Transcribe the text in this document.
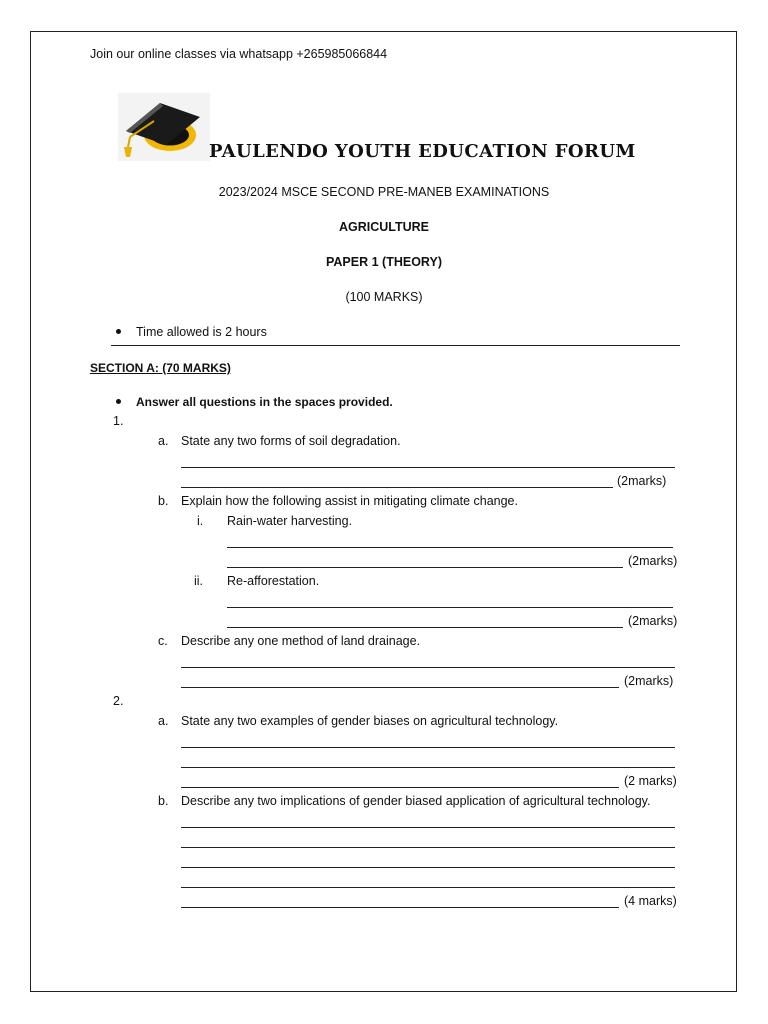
Join our online classes via whatsapp +265985066844
PAULENDO YOUTH EDUCATION FORUM
2023/2024 MSCE SECOND PRE-MANEB EXAMINATIONS
AGRICULTURE
PAPER 1 (THEORY)
(100 MARKS)
Time allowed is 2 hours
SECTION A: (70 MARKS)
Answer all questions in the spaces provided.
1.
a. State any two forms of soil degradation.
(2marks)
b. Explain how the following assist in mitigating climate change.
i. Rain-water harvesting.
(2marks)
ii. Re-afforestation.
(2marks)
c. Describe any one method of land drainage.
(2marks)
2.
a. State any two examples of gender biases on agricultural technology.
(2 marks)
b. Describe any two implications of gender biased application of agricultural technology.
(4 marks)
